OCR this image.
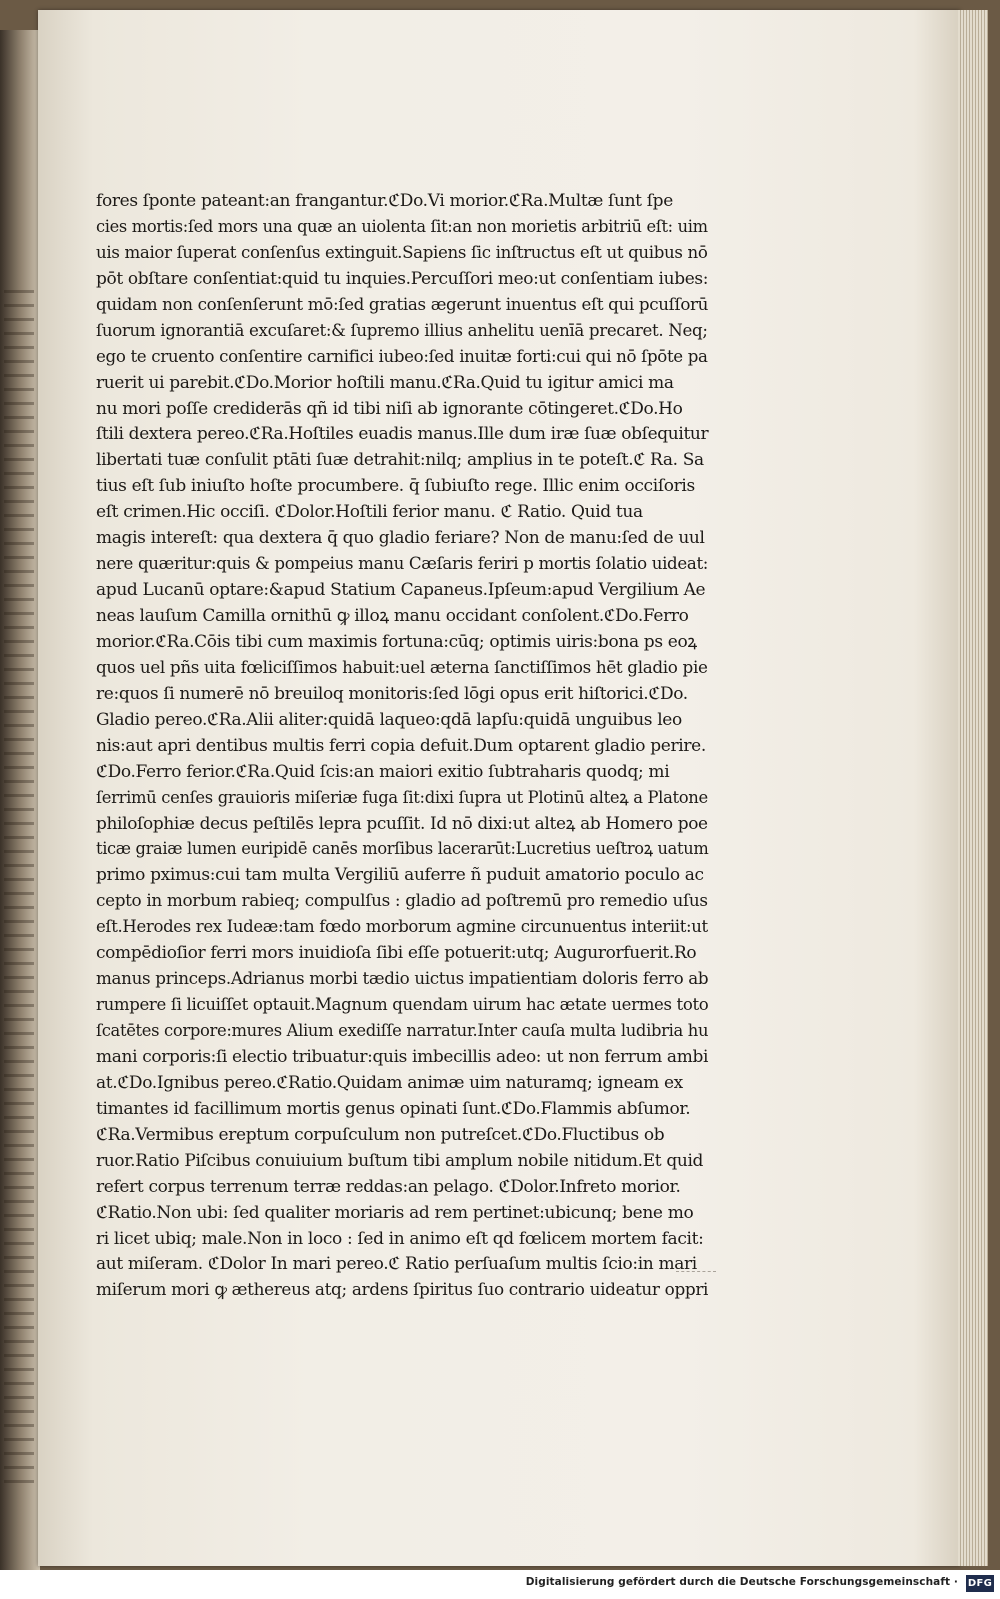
fores ſponte pateant:an frangantur.ℭDo.Vi morior.ℭRa.Multæ ſunt ſpe
cies mortis:ſed mors una quæ an uiolenta ſit:an non morietis arbitriū eſt: uim
uis maior ſuperat conſenſus extinguit.Sapiens ſic inſtructus eſt ut quibus nō
pōt obſtare conſentiat:quid tu inquies.Percuſſori meo:ut conſentiam iubes:
quidam non conſenſerunt mō:ſed gratias ægerunt inuentus eſt qui pcuſſorū
ſuorum ignorantiā excuſaret:& ſupremo illius anhelitu uenīā precaret. Neq;
ego te cruento conſentire carnifici iubeo:ſed inuitæ forti:cui qui nō ſpōte pa
ruerit ui parebit.ℭDo.Morior hoſtili manu.ℭRa.Quid tu igitur amici ma
nu mori poſſe crediderās qñ id tibi niſi ab ignorante cōtingeret.ℭDo.Ho
ſtili dextera pereo.ℭRa.Hoſtiles euadis manus.Ille dum iræ ſuæ obſequitur
libertati tuæ conſulit ptāti ſuæ detrahit:nilq; amplius in te poteſt.ℭ Ra. Sa
tius eſt ſub iniuſto hoſte procumbere. q̄ ſubiuſto rege. Illic enim occiſoris
eſt crimen.Hic occiſi. ℭDolor.Hoſtili ferior manu. ℭ Ratio. Quid tua
magis intereſt: qua dextera q̄ quo gladio feriare? Non de manu:ſed de uul
nere quæritur:quis & pompeius manu Cæſaris feriri p mortis ſolatio uideat:
apud Lucanū optare:&apud Statium Capaneus.Ipſeum:apud Vergilium Ae
neas lauſum Camilla ornithū ꝙ illoꝝ manu occidant conſolent.ℭDo.Ferro
morior.ℭRa.Cōis tibi cum maximis fortuna:cūq; optimis uiris:bona ps eoꝝ
quos uel pñs uita fœliciſſimos habuit:uel æterna ſanctiſſimos hēt gladio pie
re:quos ſi numerē nō breuiloq monitoris:ſed lōgi opus erit hiſtorici.ℭDo.
Gladio pereo.ℭRa.Alii aliter:quidā laqueo:qdā lapſu:quidā unguibus leo
nis:aut apri dentibus multis ferri copia defuit.Dum optarent gladio perire.
ℭDo.Ferro ferior.ℭRa.Quid ſcis:an maiori exitio ſubtraharis quodq; mi
ſerrimū cenſes grauioris miſeriæ fuga ſit:dixi ſupra ut Plotinū alteꝝ a Platone
philoſophiæ decus peſtilēs lepra pcuſſit. Id nō dixi:ut alteꝝ ab Homero poe
ticæ graiæ lumen euripidē canēs morſibus lacerarūt:Lucretius ueſtroꝝ uatum
primo pximus:cui tam multa Vergiliū auferre ñ puduit amatorio poculo ac
cepto in morbum rabieq; compulſus : gladio ad poſtremū pro remedio uſus
eſt.Herodes rex Iudeæ:tam fœdo morborum agmine circunuentus interiit:ut
compēdioſior ferri mors inuidioſa ſibi eſſe potuerit:utq; Augurorfuerit.Ro
manus princeps.Adrianus morbi tædio uictus impatientiam doloris ferro ab
rumpere ſi licuiſſet optauit.Magnum quendam uirum hac ætate uermes toto
ſcatētes corpore:mures Alium exediſſe narratur.Inter cauſa multa ludibria hu
mani corporis:ſi electio tribuatur:quis imbecillis adeo: ut non ferrum ambi
at.ℭDo.Ignibus pereo.ℭRatio.Quidam animæ uim naturamq; igneam ex
timantes id facillimum mortis genus opinati ſunt.ℭDo.Flammis abſumor.
ℭRa.Vermibus ereptum corpuſculum non putreſcet.ℭDo.Fluctibus ob
ruor.Ratio Piſcibus conuiuium buſtum tibi amplum nobile nitidum.Et quid
refert corpus terrenum terræ reddas:an pelago. ℭDolor.Infreto morior.
ℭRatio.Non ubi: ſed qualiter moriaris ad rem pertinet:ubicunq; bene mo
ri licet ubiq; male.Non in loco : ſed in animo eſt qd fœlicem mortem facit:
aut miſeram. ℭDolor In mari pereo.ℭ Ratio perſuaſum multis ſcio:in mari
miſerum mori ꝙ æthereus atq; ardens ſpiritus ſuo contrario uideatur oppri
Digitalisierung gefördert durch die Deutsche Forschungsgemeinschaft · DFG
